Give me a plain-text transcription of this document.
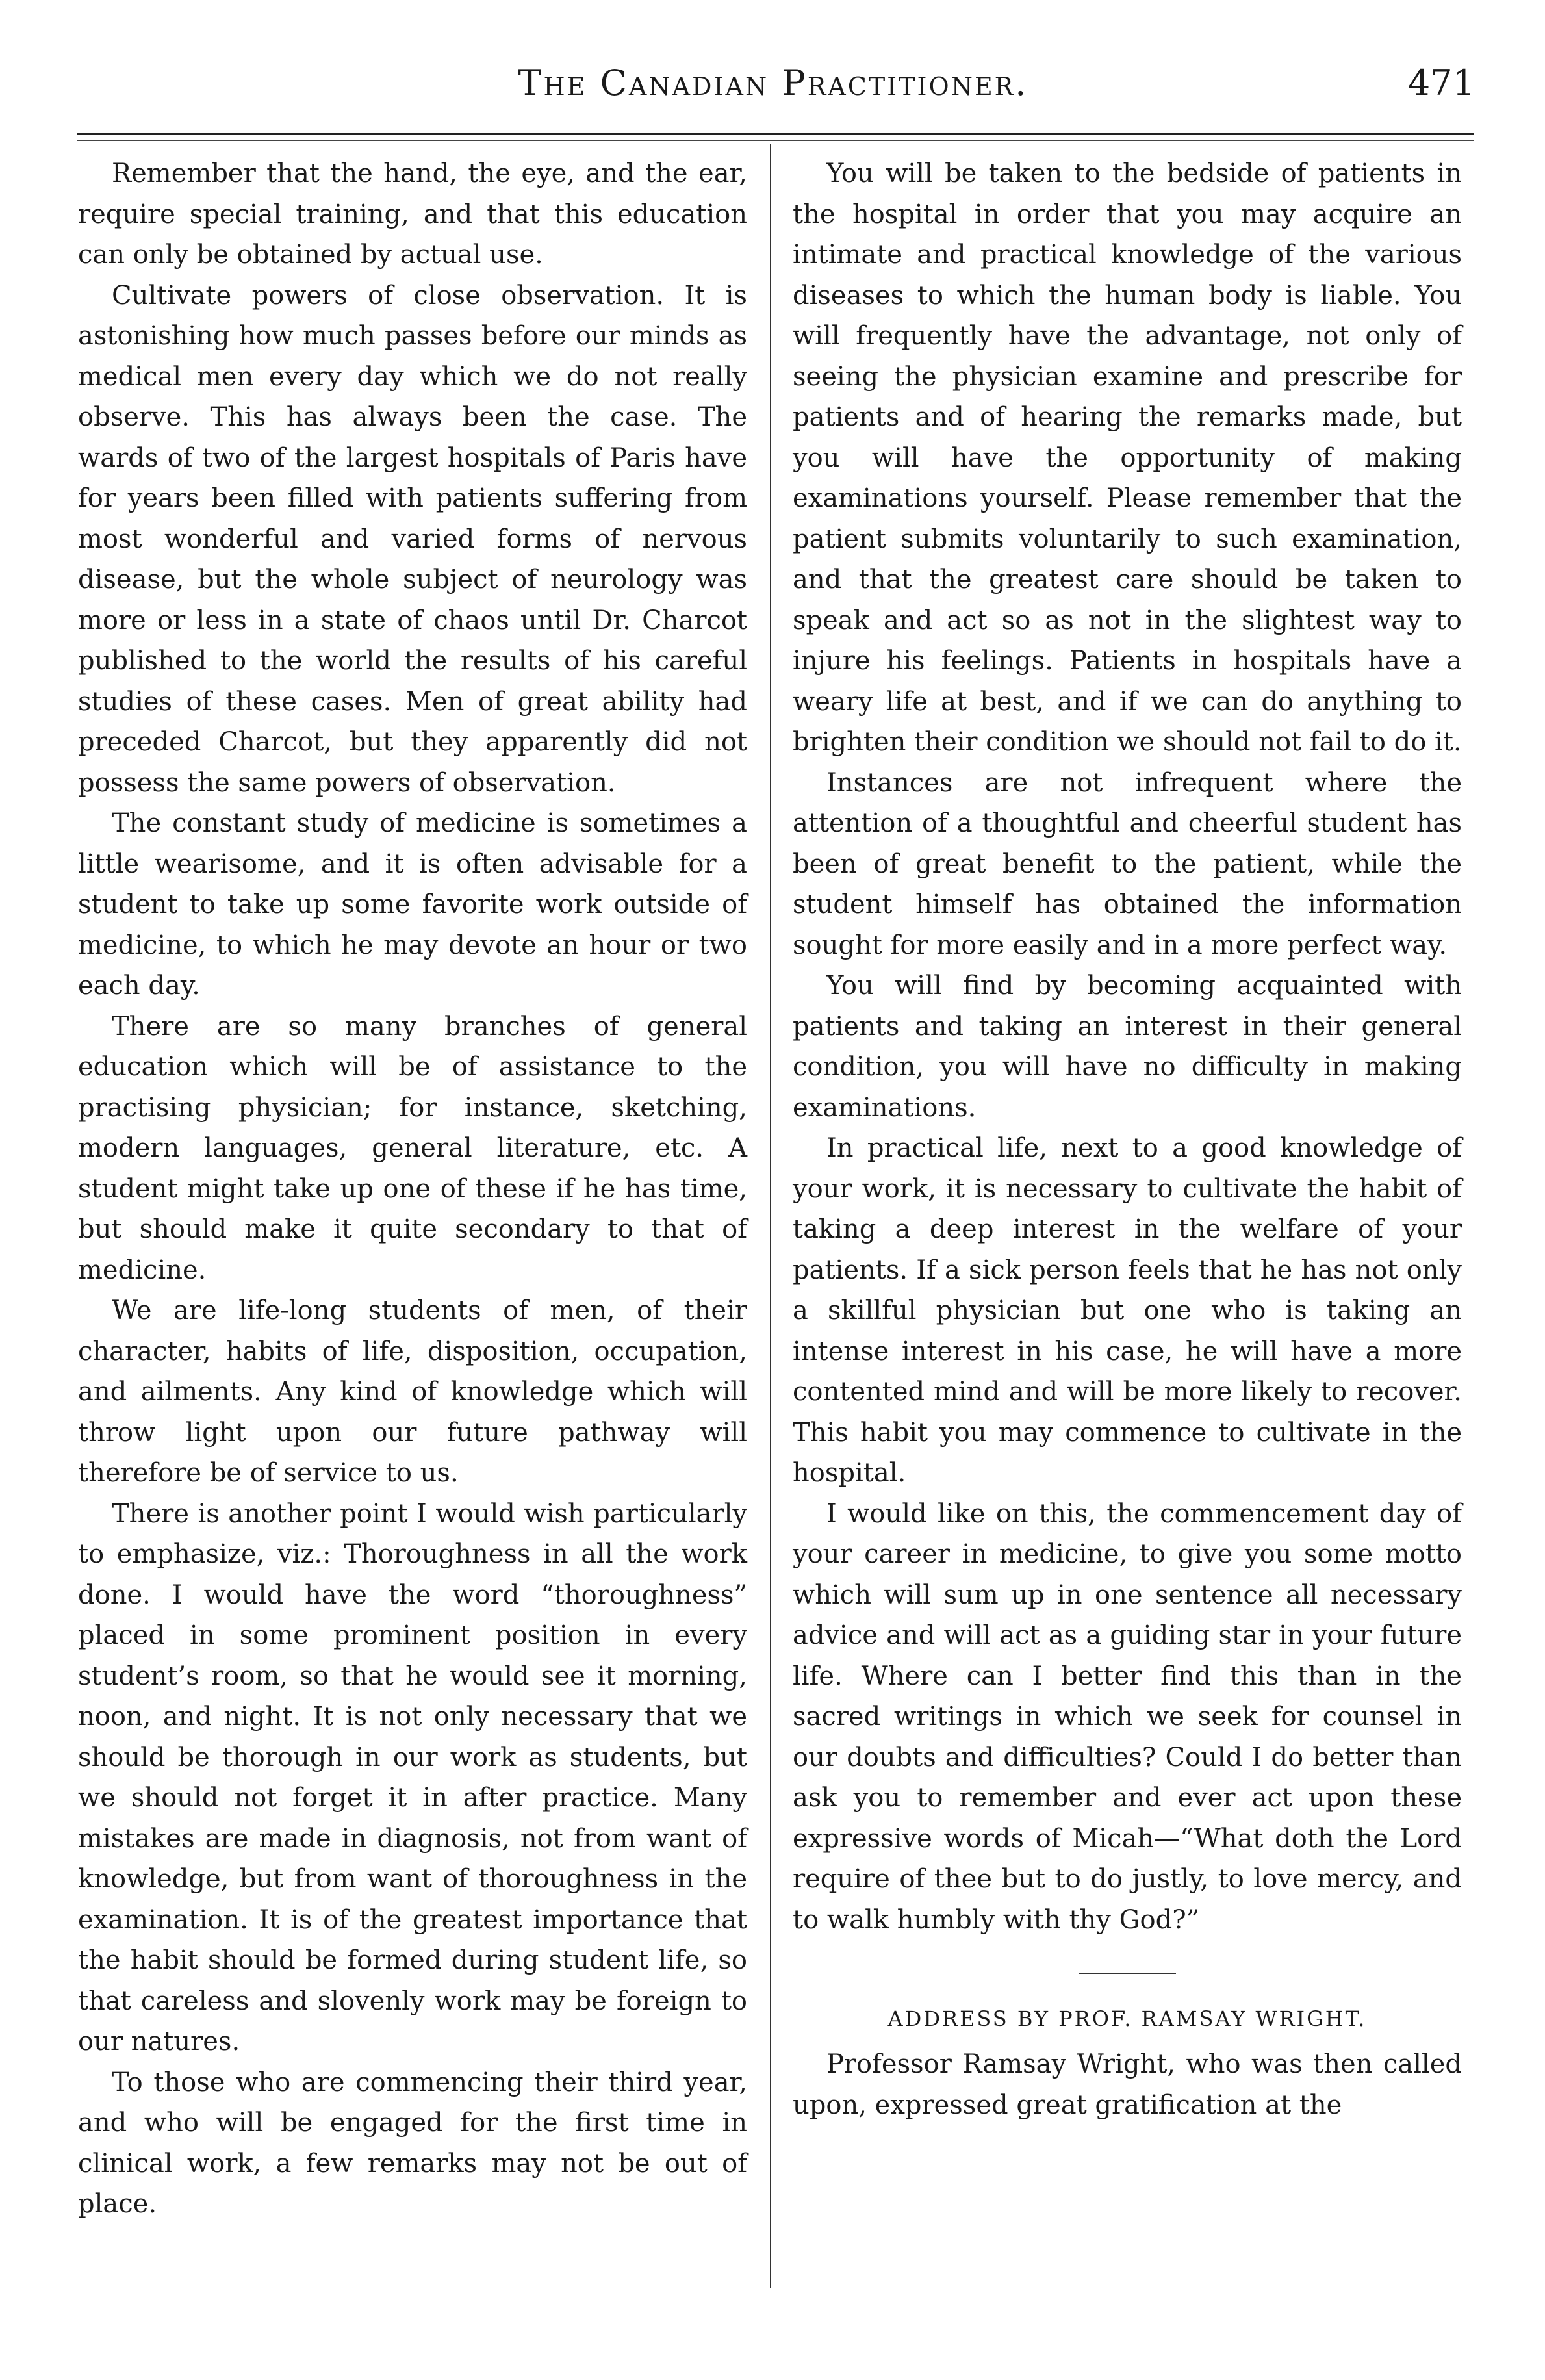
The Canadian Practitioner.	471

Remember that the hand, the eye, and the ear, require special training, and that this education can only be obtained by actual use.

Cultivate powers of close observation. It is astonishing how much passes before our minds as medical men every day which we do not really observe. This has always been the case. The wards of two of the largest hospitals of Paris have for years been filled with patients suffering from most wonderful and varied forms of nervous disease, but the whole subject of neurology was more or less in a state of chaos until Dr. Charcot published to the world the results of his careful studies of these cases. Men of great ability had preceded Charcot, but they apparently did not possess the same powers of observation.

The constant study of medicine is sometimes a little wearisome, and it is often advisable for a student to take up some favorite work outside of medicine, to which he may devote an hour or two each day.

There are so many branches of general education which will be of assistance to the practising physician; for instance, sketching, modern languages, general literature, etc. A student might take up one of these if he has time, but should make it quite secondary to that of medicine.

We are life-long students of men, of their character, habits of life, disposition, occupation, and ailments. Any kind of knowledge which will throw light upon our future pathway will therefore be of service to us.

There is another point I would wish particularly to emphasize, viz.: Thoroughness in all the work done. I would have the word “thoroughness” placed in some prominent position in every student’s room, so that he would see it morning, noon, and night. It is not only necessary that we should be thorough in our work as students, but we should not forget it in after practice. Many mistakes are made in diagnosis, not from want of knowledge, but from want of thoroughness in the examination. It is of the greatest importance that the habit should be formed during student life, so that careless and slovenly work may be foreign to our natures.

To those who are commencing their third year, and who will be engaged for the first time in clinical work, a few remarks may not be out of place.

You will be taken to the bedside of patients in the hospital in order that you may acquire an intimate and practical knowledge of the various diseases to which the human body is liable. You will frequently have the advantage, not only of seeing the physician examine and prescribe for patients and of hearing the remarks made, but you will have the opportunity of making examinations yourself. Please remember that the patient submits voluntarily to such examination, and that the greatest care should be taken to speak and act so as not in the slightest way to injure his feelings. Patients in hospitals have a weary life at best, and if we can do anything to brighten their condition we should not fail to do it.

Instances are not infrequent where the attention of a thoughtful and cheerful student has been of great benefit to the patient, while the student himself has obtained the information sought for more easily and in a more perfect way.

You will find by becoming acquainted with patients and taking an interest in their general condition, you will have no difficulty in making examinations.

In practical life, next to a good knowledge of your work, it is necessary to cultivate the habit of taking a deep interest in the welfare of your patients. If a sick person feels that he has not only a skillful physician but one who is taking an intense interest in his case, he will have a more contented mind and will be more likely to recover. This habit you may commence to cultivate in the hospital.

I would like on this, the commencement day of your career in medicine, to give you some motto which will sum up in one sentence all necessary advice and will act as a guiding star in your future life. Where can I better find this than in the sacred writings in which we seek for counsel in our doubts and difficulties? Could I do better than ask you to remember and ever act upon these expressive words of Micah—“What doth the Lord require of thee but to do justly, to love mercy, and to walk humbly with thy God?”

ADDRESS BY PROF. RAMSAY WRIGHT.

Professor Ramsay Wright, who was then called upon, expressed great gratification at the
